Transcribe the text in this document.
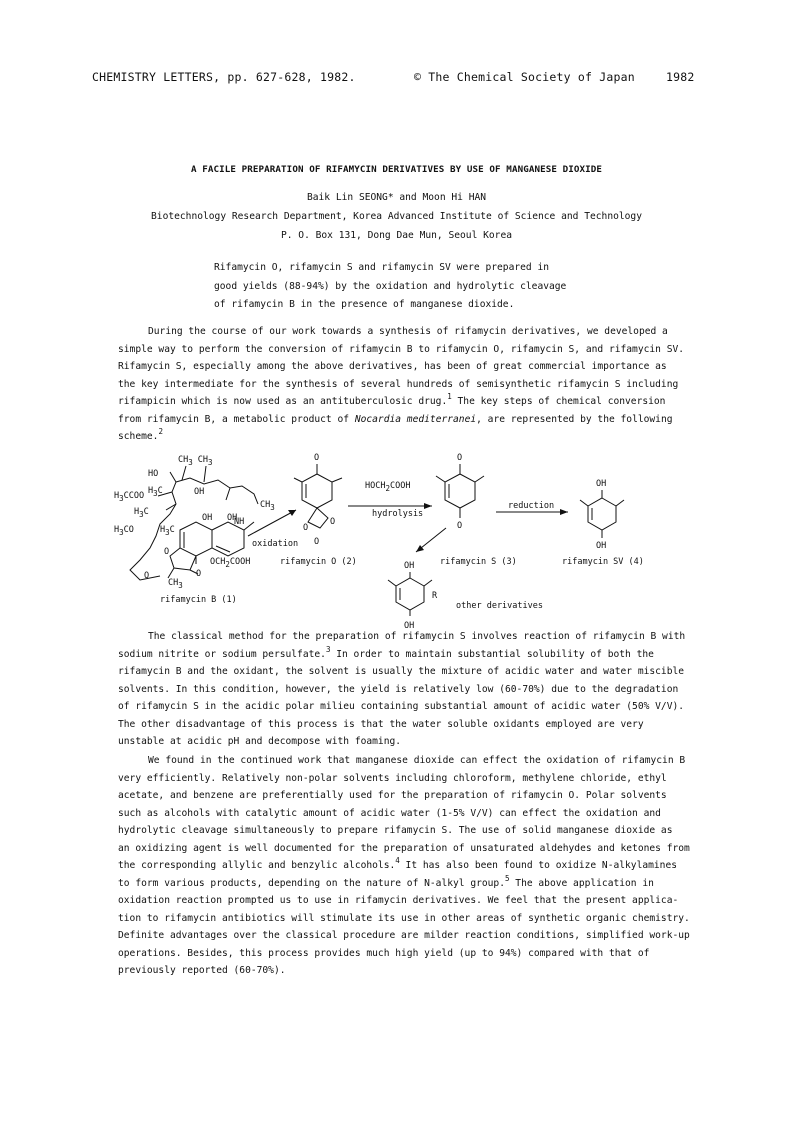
CHEMISTRY LETTERS, pp. 627-628, 1982.	© The Chemical Society of Japan	1982
A FACILE PREPARATION OF RIFAMYCIN DERIVATIVES BY USE OF MANGANESE DIOXIDE
Baik Lin SEONG* and Moon Hi HAN
Biotechnology Research Department, Korea Advanced Institute of Science and Technology
P. O. Box 131, Dong Dae Mun, Seoul Korea
Rifamycin O, rifamycin S and rifamycin SV were prepared in
good yields (88-94%) by the oxidation and hydrolytic cleavage
of rifamycin B in the presence of manganese dioxide.
During the course of our work towards a synthesis of rifamycin derivatives, we developed a
simple way to perform the conversion of rifamycin B to rifamycin O, rifamycin S, and rifamycin SV.
Rifamycin S, especially among the above derivatives, has been of great commercial importance as
the key intermediate for the synthesis of several hundreds of semisynthetic rifamycin S including
rifampicin which is now used as an antituberculosic drug.$^1$ The key steps of chemical conversion
from rifamycin B, a metabolic product of Nocardia mediterranei, are represented by the following
scheme.$^2$
CH3 CH3
HO
H3C	OH
H3CCOO
CH3
H3C
OH OH
NH
H3CO	H3C
O
OCH2COOH
O
O
CH3
rifamycin B (1)
oxidation
O
O
O
O
rifamycin O (2)
HOCH2COOH
hydrolysis
O
O
rifamycin S (3)
reduction
OH
OH
rifamycin SV (4)
OH
R
OH
other derivatives
The classical method for the preparation of rifamycin S involves reaction of rifamycin B with
sodium nitrite or sodium persulfate.$^3$ In order to maintain substantial solubility of both the
rifamycin B and the oxidant, the solvent is usually the mixture of acidic water and water miscible
solvents. In this condition, however, the yield is relatively low (60-70%) due to the degradation
of rifamycin S in the acidic polar milieu containing substantial amount of acidic water (50% V/V).
The other disadvantage of this process is that the water soluble oxidants employed are very
unstable at acidic pH and decompose with foaming.
We found in the continued work that manganese dioxide can effect the oxidation of rifamycin B
very efficiently. Relatively non-polar solvents including chloroform, methylene chloride, ethyl
acetate, and benzene are preferentially used for the preparation of rifamycin O. Polar solvents
such as alcohols with catalytic amount of acidic water (1-5% V/V) can effect the oxidation and
hydrolytic cleavage simultaneously to prepare rifamycin S. The use of solid manganese dioxide as
an oxidizing agent is well documented for the preparation of unsaturated aldehydes and ketones from
the corresponding allylic and benzylic alcohols.$^4$ It has also been found to oxidize N-alkylamines
to form various products, depending on the nature of N-alkyl group.$^5$ The above application in
oxidation reaction prompted us to use in rifamycin derivatives. We feel that the present applica-
tion to rifamycin antibiotics will stimulate its use in other areas of synthetic organic chemistry.
Definite advantages over the classical procedure are milder reaction conditions, simplified work-up
operations. Besides, this process provides much high yield (up to 94%) compared with that of
previously reported (60-70%).
